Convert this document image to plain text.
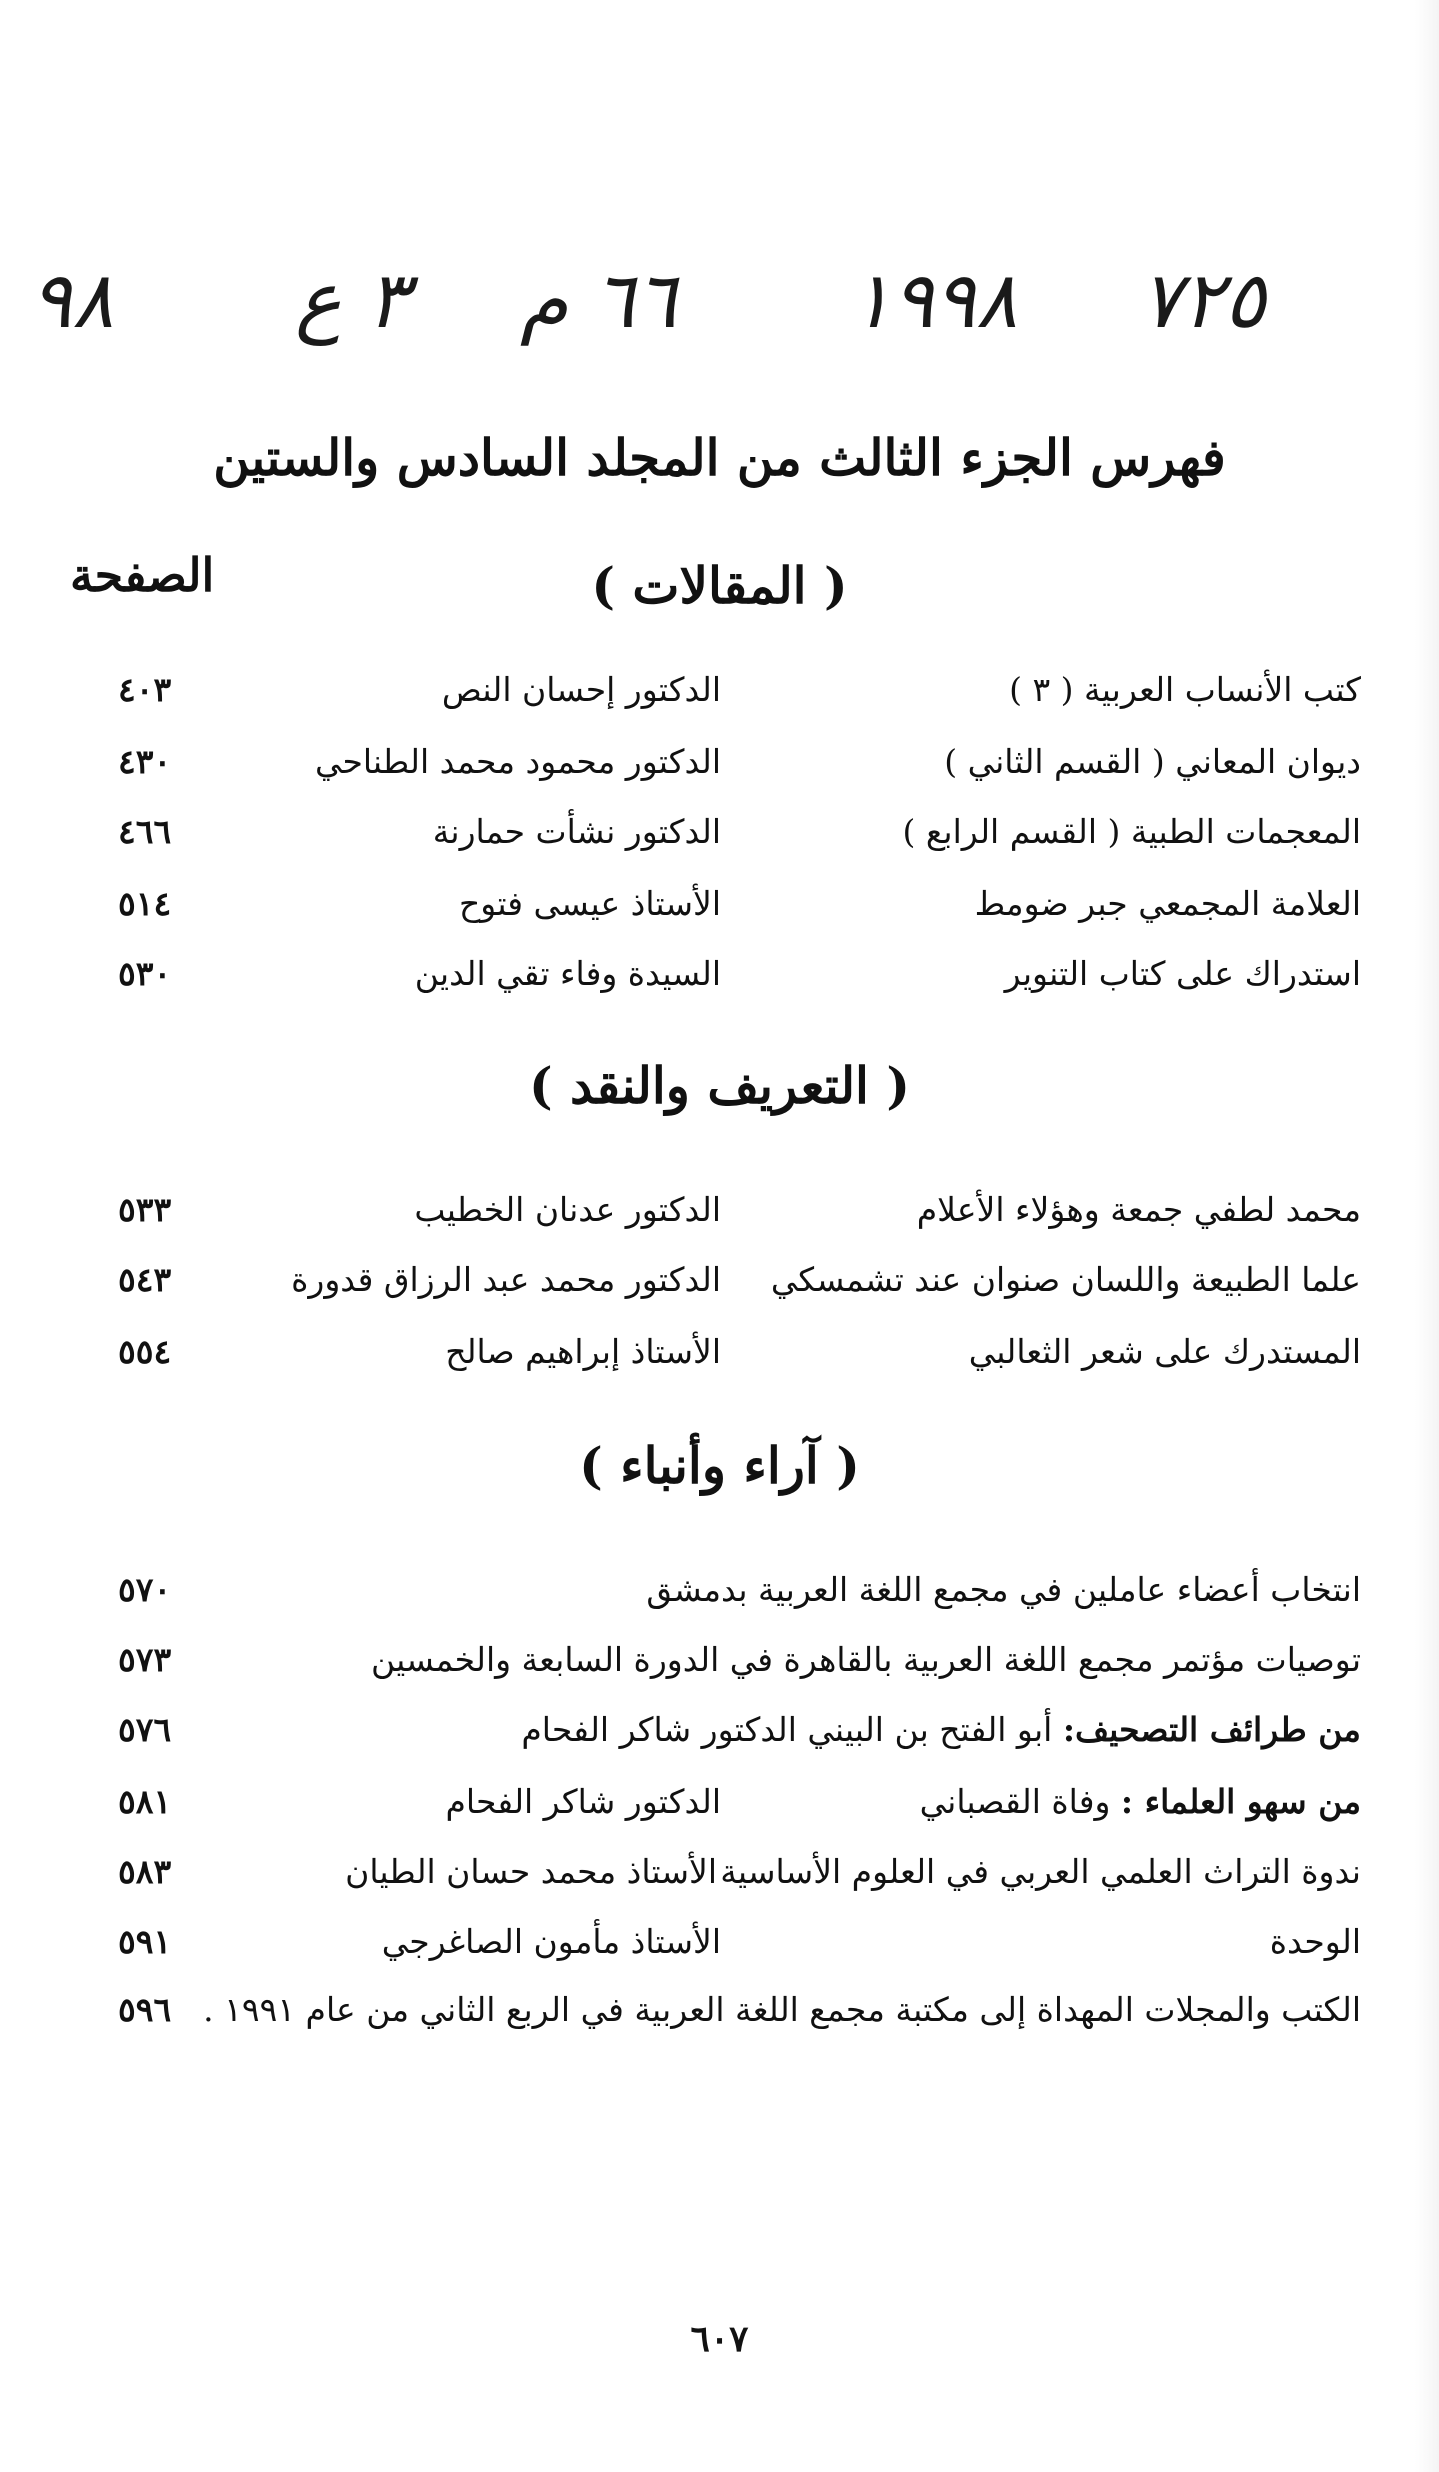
٩٨ ٣ ع ٦٦ م ١٩٩٨ ٧٢٥
فهرس الجزء الثالث من المجلد السادس والستين
الصفحة	( المقالات )
كتب الأنساب العربية ( ٣ )
الدكتور إحسان النص
٤٠٣
ديوان المعاني ( القسم الثاني )
الدكتور محمود محمد الطناحي
٤٣٠
المعجمات الطبية ( القسم الرابع )
الدكتور نشأت حمارنة
٤٦٦
العلامة المجمعي جبر ضومط
الأستاذ عيسى فتوح
٥١٤
استدراك على كتاب التنوير
السيدة وفاء تقي الدين
٥٣٠
( التعريف والنقد )
محمد لطفي جمعة وهؤلاء الأعلام
الدكتور عدنان الخطيب
٥٣٣
علما الطبيعة واللسان صنوان عند تشمسكي
الدكتور محمد عبد الرزاق قدورة
٥٤٣
المستدرك على شعر الثعالبي
الأستاذ إبراهيم صالح
٥٥٤
( آراء وأنباء )
انتخاب أعضاء عاملين في مجمع اللغة العربية بدمشق
٥٧٠
توصيات مؤتمر مجمع اللغة العربية بالقاهرة في الدورة السابعة والخمسين
٥٧٣
من طرائف التصحيف: أبو الفتح بن البيني الدكتور شاكر الفحام
٥٧٦
من سهو العلماء : وفاة القصباني
الدكتور شاكر الفحام
٥٨١
ندوة التراث العلمي العربي في العلوم الأساسية
الأستاذ محمد حسان الطيان
٥٨٣
الوحدة
الأستاذ مأمون الصاغرجي
٥٩١
الكتب والمجلات المهداة إلى مكتبة مجمع اللغة العربية في الربع الثاني من عام ١٩٩١ .
٥٩٦
٦٠٧
